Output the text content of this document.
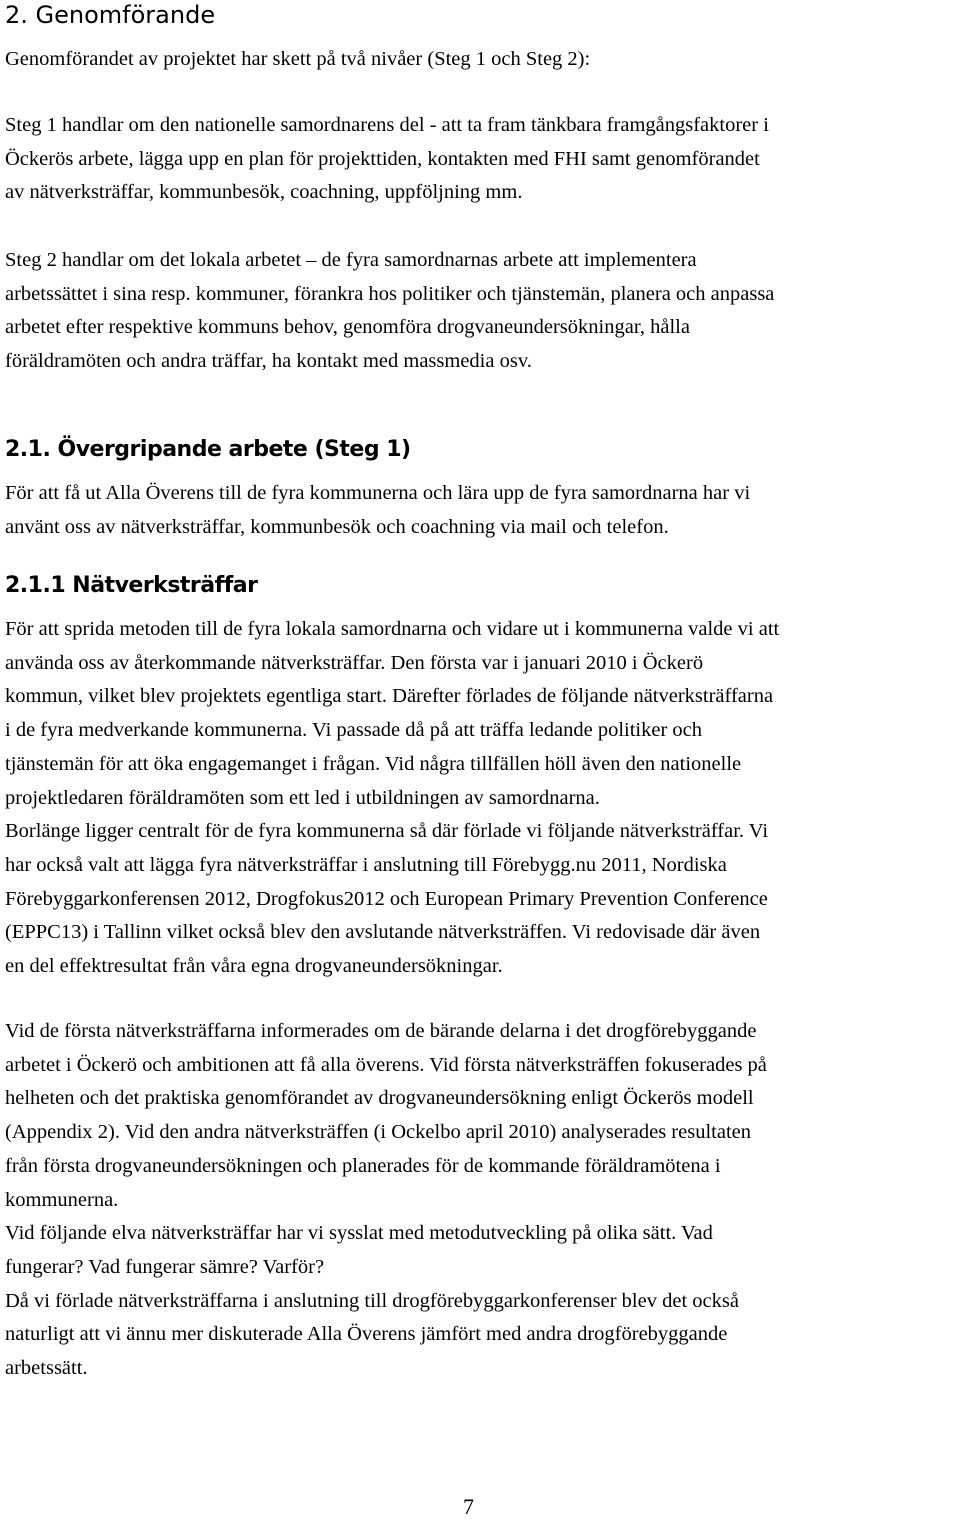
2. Genomförande

Genomförandet av projektet har skett på två nivåer (Steg 1 och Steg 2):

Steg 1 handlar om den nationelle samordnarens del - att ta fram tänkbara framgångsfaktorer i
Öckerös arbete, lägga upp en plan för projekttiden, kontakten med FHI samt genomförandet
av nätverksträffar, kommunbesök, coachning, uppföljning mm.

Steg 2 handlar om det lokala arbetet – de fyra samordnarnas arbete att implementera
arbetssättet i sina resp. kommuner, förankra hos politiker och tjänstemän, planera och anpassa
arbetet efter respektive kommuns behov, genomföra drogvaneundersökningar, hålla
föräldramöten och andra träffar, ha kontakt med massmedia osv.

2.1. Övergripande arbete (Steg 1)

För att få ut Alla Överens till de fyra kommunerna och lära upp de fyra samordnarna har vi
använt oss av nätverksträffar, kommunbesök och coachning via mail och telefon.

2.1.1 Nätverksträffar

För att sprida metoden till de fyra lokala samordnarna och vidare ut i kommunerna valde vi att
använda oss av återkommande nätverksträffar. Den första var i januari 2010 i Öckerö
kommun, vilket blev projektets egentliga start. Därefter förlades de följande nätverksträffarna
i de fyra medverkande kommunerna. Vi passade då på att träffa ledande politiker och
tjänstemän för att öka engagemanget i frågan. Vid några tillfällen höll även den nationelle
projektledaren föräldramöten som ett led i utbildningen av samordnarna.
Borlänge ligger centralt för de fyra kommunerna så där förlade vi följande nätverksträffar. Vi
har också valt att lägga fyra nätverksträffar i anslutning till Förebygg.nu 2011, Nordiska
Förebyggarkonferensen 2012, Drogfokus2012 och European Primary Prevention Conference
(EPPC13) i Tallinn vilket också blev den avslutande nätverksträffen. Vi redovisade där även
en del effektresultat från våra egna drogvaneundersökningar.

Vid de första nätverksträffarna informerades om de bärande delarna i det drogförebyggande
arbetet i Öckerö och ambitionen att få alla överens. Vid första nätverksträffen fokuserades på
helheten och det praktiska genomförandet av drogvaneundersökning enligt Öckerös modell
(Appendix 2). Vid den andra nätverksträffen (i Ockelbo april 2010) analyserades resultaten
från första drogvaneundersökningen och planerades för de kommande föräldramötena i
kommunerna.
Vid följande elva nätverksträffar har vi sysslat med metodutveckling på olika sätt. Vad
fungerar? Vad fungerar sämre? Varför?
Då vi förlade nätverksträffarna i anslutning till drogförebyggarkonferenser blev det också
naturligt att vi ännu mer diskuterade Alla Överens jämfört med andra drogförebyggande
arbetssätt.

7
